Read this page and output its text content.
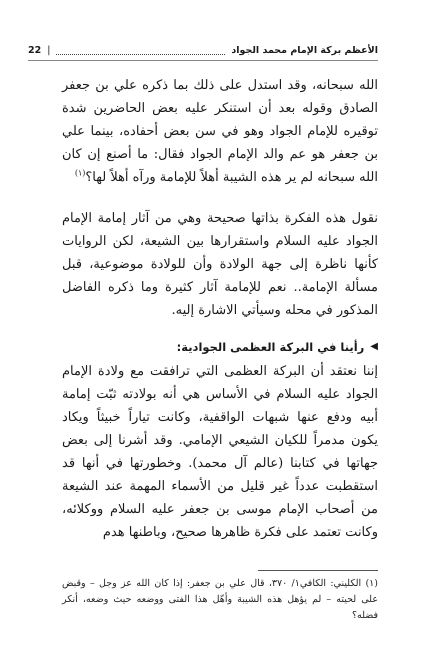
22 |	الأعظم بركة الإمام محمد الجواد

الله سبحانه، وقد استدل على ذلك بما ذكره علي بن جعفر الصادق وقوله بعد أن استنكر عليه بعض الحاضرين شدة توقيره للإمام الجواد وهو في سن بعض أحفاده، بينما علي بن جعفر هو عم والد الإمام الجواد فقال: ما أصنع إن كان الله سبحانه لم ير هذه الشيبة أهلاً للإمامة ورآه أهلاً لها؟$^{(١)}$

نقول هذه الفكرة بذاتها صحيحة وهي من آثار إمامة الإمام الجواد عليه السلام واستقرارها بين الشيعة، لكن الروايات كأنها ناظرة إلى جهة الولادة وأن للولادة موضوعية، قبل مسألة الإمامة.. نعم للإمامة آثار كثيرة وما ذكره الفاضل المذكور في محله وسيأتي الاشارة إليه.

◀
رأينا في البركة العظمى الجوادية:

إننا نعتقد أن البركة العظمى التي ترافقت مع ولادة الإمام الجواد عليه السلام في الأساس هي أنه بولادته ثبّت إمامة أبيه ودفع عنها شبهات الواقفية، وكانت تياراً خبيثاً ويكاد يكون مدمراً للكيان الشيعي الإمامي. وقد أشرنا إلى بعض جهاتها في كتابنا (عالم آل محمد). وخطورتها في أنها قد استقطبت عدداً غير قليل من الأسماء المهمة عند الشيعة من أصحاب الإمام موسى بن جعفر عليه السلام ووكلائه، وكانت تعتمد على فكرة ظاهرها صحيح، وباطنها هدم

(١) الكليني: الكافي١/ ٣٧٠، قال علي بن جعفر: إذا كان الله عز وجل – وقبض على لحيته – لم يؤهل هذه الشيبة وأهّل هذا الفتى ووضعه حيث وضعه، أنكر فضله؟
